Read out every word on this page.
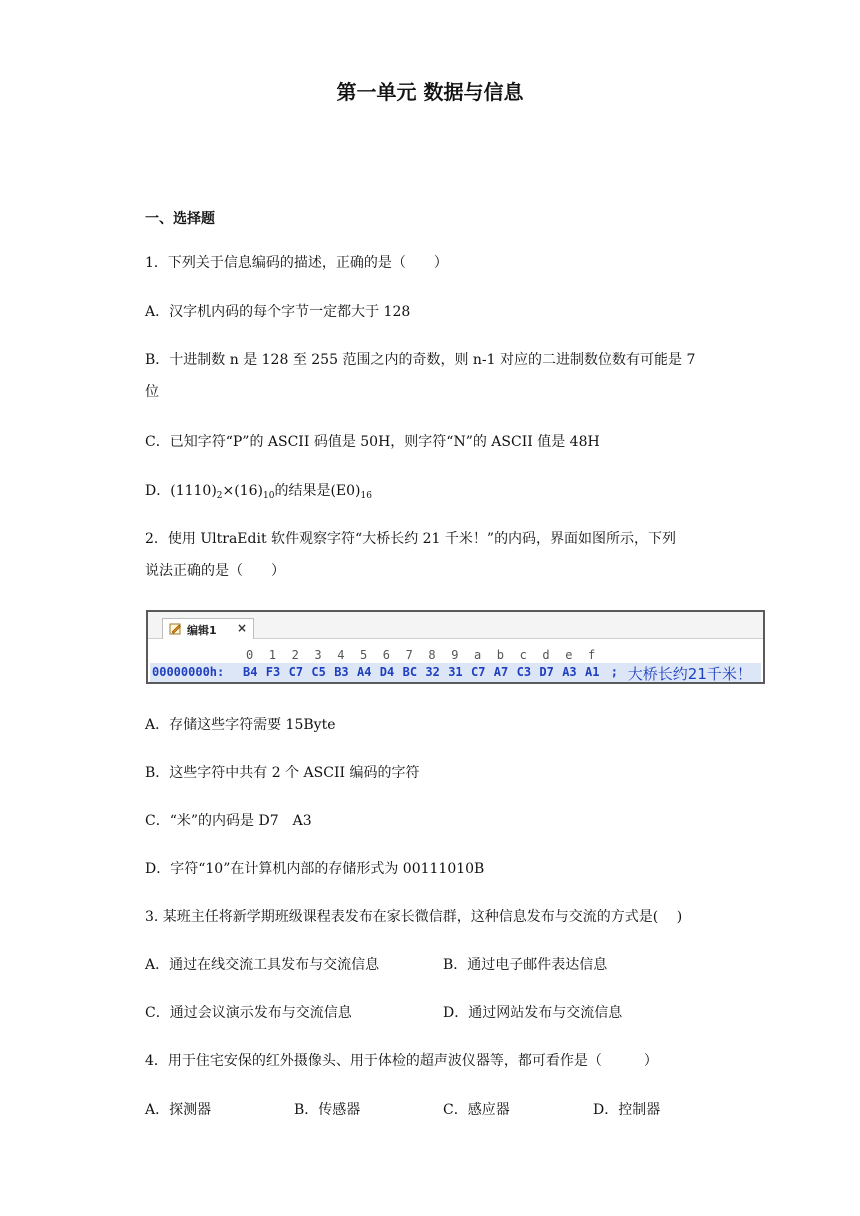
第一单元 数据与信息
一、选择题
1．下列关于信息编码的描述，正确的是（　　）
A．汉字机内码的每个字节一定都大于 128
B．十进制数 n 是 128 至 255 范围之内的奇数，则 n-1 对应的二进制数位数有可能是 7
位
C．已知字符“P”的 ASCII 码值是 50H，则字符“N”的 ASCII 值是 48H
D．$(1110)_2\times(16)_{10}$的结果是$(E0)_{16}$
2．使用 UltraEdit 软件观察字符“大桥长约 21 千米！”的内码，界面如图所示，下列
说法正确的是（　　）
编辑1 ×
0 1 2 3 4 5 6 7 8 9 a b c d e f
00000000h: B4 F3 C7 C5 B3 A4 D4 BC 32 31 C7 A7 C3 D7 A3 A1 ; 大桥长约21千米！
A．存储这些字符需要 15Byte
B．这些字符中共有 2 个 ASCII 编码的字符
C．“米”的内码是 D7　A3
D．字符“10”在计算机内部的存储形式为 00111010B
3. 某班主任将新学期班级课程表发布在家长微信群，这种信息发布与交流的方式是(　 )
A．通过在线交流工具发布与交流信息	B．通过电子邮件表达信息
C．通过会议演示发布与交流信息	D．通过网站发布与交流信息
4．用于住宅安保的红外摄像头、用于体检的超声波仪器等，都可看作是（　　　）
A．探测器	B．传感器	C．感应器	D．控制器
